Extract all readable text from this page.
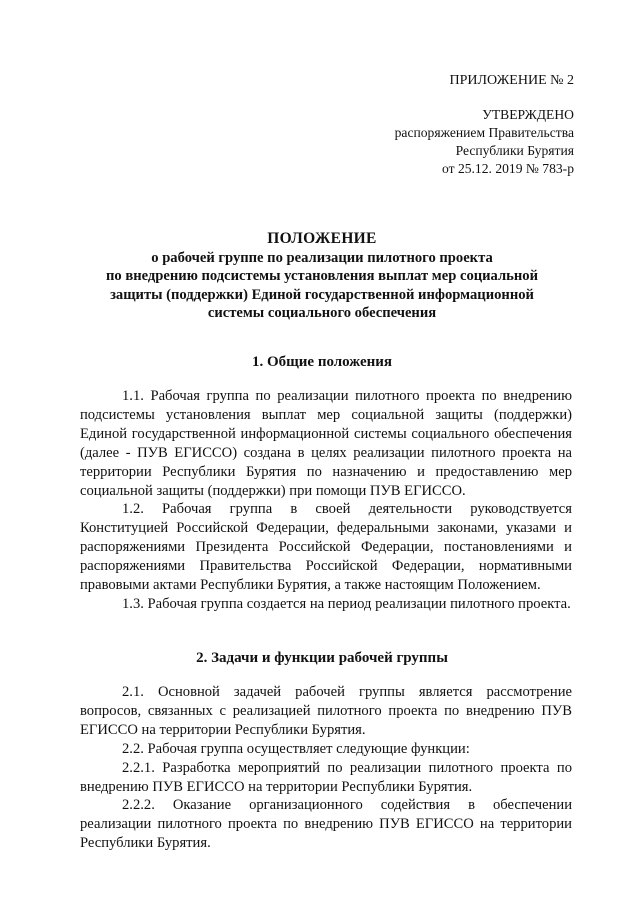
ПРИЛОЖЕНИЕ № 2
УТВЕРЖДЕНО
распоряжением Правительства
Республики Бурятия
от 25.12. 2019 № 783-р
ПОЛОЖЕНИЕ
о рабочей группе по реализации пилотного проекта
по внедрению подсистемы установления выплат мер социальной
защиты (поддержки) Единой государственной информационной
системы социального обеспечения
1. Общие положения

1.1. Рабочая группа по реализации пилотного проекта по внедрению подсистемы установления выплат мер социальной защиты (поддержки) Единой государственной информационной системы социального обеспечения (далее - ПУВ ЕГИССО) создана в целях реализации пилотного проекта на территории Республики Бурятия по назначению и предоставлению мер социальной защиты (поддержки) при помощи ПУВ ЕГИССО.

1.2. Рабочая группа в своей деятельности руководствуется Конституцией Российской Федерации, федеральными законами, указами и распоряжениями Президента Российской Федерации, постановлениями и распоряжениями Правительства Российской Федерации, нормативными правовыми актами Республики Бурятия, а также настоящим Положением.

1.3. Рабочая группа создается на период реализации пилотного проекта.

2. Задачи и функции рабочей группы

2.1. Основной задачей рабочей группы является рассмотрение вопросов, связанных с реализацией пилотного проекта по внедрению ПУВ ЕГИССО на территории Республики Бурятия.

2.2. Рабочая группа осуществляет следующие функции:

2.2.1. Разработка мероприятий по реализации пилотного проекта по внедрению ПУВ ЕГИССО на территории Республики Бурятия.

2.2.2. Оказание организационного содействия в обеспечении реализации пилотного проекта по внедрению ПУВ ЕГИССО на территории Республики Бурятия.
